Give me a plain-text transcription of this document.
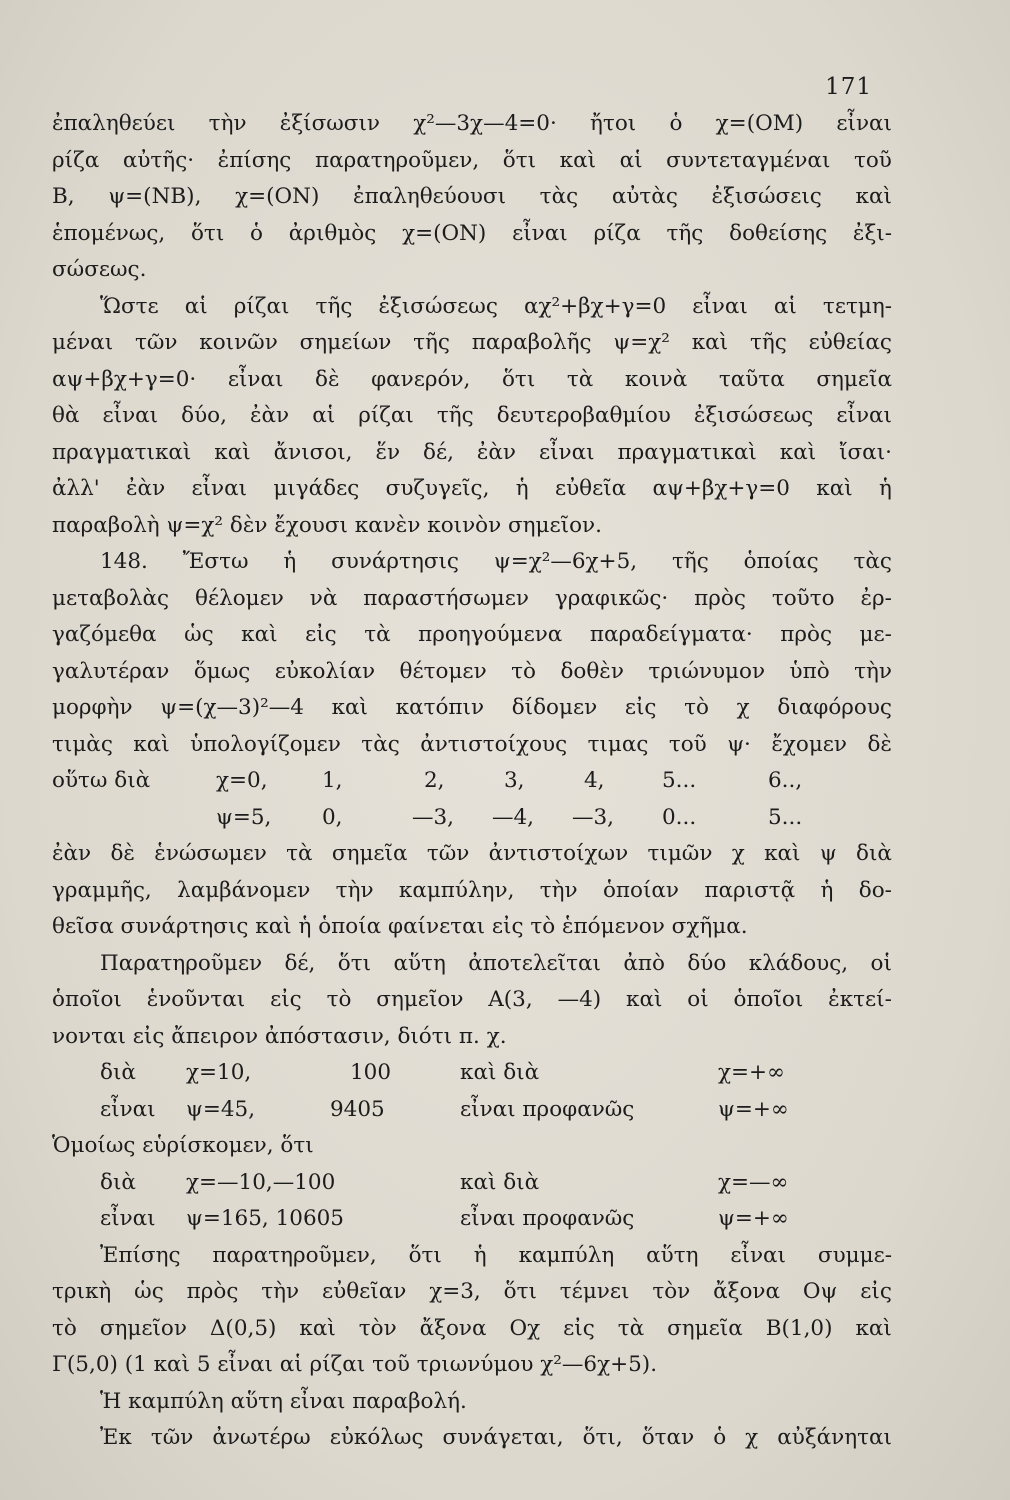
171
ἐπαληθεύει τὴν ἐξίσωσιν χ²—3χ—4=0· ἤτοι ὁ χ=(ΟΜ) εἶναι
ρίζα αὐτῆς· ἐπίσης παρατηροῦμεν, ὅτι καὶ αἱ συντεταγμέναι τοῦ
Β, ψ=(ΝΒ), χ=(ΟΝ) ἐπαληθεύουσι τὰς αὐτὰς ἐξισώσεις καὶ
ἑπομένως, ὅτι ὁ ἀριθμὸς χ=(ΟΝ) εἶναι ρίζα τῆς δοθείσης ἐξι-
σώσεως.
Ὥστε αἱ ρίζαι τῆς ἐξισώσεως αχ²+βχ+γ=0 εἶναι αἱ τετμη-
μέναι τῶν κοινῶν σημείων τῆς παραβολῆς ψ=χ² καὶ τῆς εὐθείας
αψ+βχ+γ=0· εἶναι δὲ φανερόν, ὅτι τὰ κοινὰ ταῦτα σημεῖα
θὰ εἶναι δύο, ἐὰν αἱ ρίζαι τῆς δευτεροβαθμίου ἐξισώσεως εἶναι
πραγματικαὶ καὶ ἄνισοι, ἕν δέ, ἐὰν εἶναι πραγματικαὶ καὶ ἴσαι·
ἀλλ' ἐὰν εἶναι μιγάδες συζυγεῖς, ἡ εὐθεῖα αψ+βχ+γ=0 καὶ ἡ
παραβολὴ ψ=χ² δὲν ἔχουσι κανὲν κοινὸν σημεῖον.
148. Ἔστω ἡ συνάρτησις ψ=χ²—6χ+5, τῆς ὁποίας τὰς
μεταβολὰς θέλομεν νὰ παραστήσωμεν γραφικῶς· πρὸς τοῦτο ἐρ-
γαζόμεθα ὡς καὶ εἰς τὰ προηγούμενα παραδείγματα· πρὸς με-
γαλυτέραν ὅμως εὐκολίαν θέτομεν τὸ δοθὲν τριώνυμον ὑπὸ τὴν
μορφὴν ψ=(χ—3)²—4 καὶ κατόπιν δίδομεν εἰς τὸ χ διαφόρους
τιμὰς καὶ ὑπολογίζομεν τὰς ἀντιστοίχους τιμας τοῦ ψ· ἔχομεν δὲ
οὕτω διὰ	χ=0,	1,	2,	3,	4,	5...	6..,
ψ=5, 0,	—3, —4, —3, 0...	5...
ἐὰν δὲ ἑνώσωμεν τὰ σημεῖα τῶν ἀντιστοίχων τιμῶν χ καὶ ψ διὰ
γραμμῆς, λαμβάνομεν τὴν καμπύλην, τὴν ὁποίαν παριστᾷ ἡ δο-
θεῖσα συνάρτησις καὶ ἡ ὁποία φαίνεται εἰς τὸ ἑπόμενον σχῆμα.
Παρατηροῦμεν δέ, ὅτι αὕτη ἀποτελεῖται ἀπὸ δύο κλάδους, οἱ
ὁποῖοι ἑνοῦνται εἰς τὸ σημεῖον Α(3, —4) καὶ οἱ ὁποῖοι ἐκτεί-
νονται εἰς ἄπειρον ἀπόστασιν, διότι π. χ.
διὰ χ=10,	100	καὶ διὰ	χ=+∞
εἶναι ψ=45,	9405	εἶναι προφανῶς	ψ=+∞
Ὁμοίως εὑρίσκομεν, ὅτι
διὰ χ=—10,—100	καὶ διὰ	χ=—∞
εἶναι ψ=165, 10605	εἶναι προφανῶς	ψ=+∞
Ἐπίσης παρατηροῦμεν, ὅτι ἡ καμπύλη αὕτη εἶναι συμμε-
τρικὴ ὡς πρὸς τὴν εὐθεῖαν χ=3, ὅτι τέμνει τὸν ἄξονα Οψ εἰς
τὸ σημεῖον Δ(0,5) καὶ τὸν ἄξονα Οχ εἰς τὰ σημεῖα Β(1,0) καὶ
Γ(5,0) (1 καὶ 5 εἶναι αἱ ρίζαι τοῦ τριωνύμου χ²—6χ+5).
Ἡ καμπύλη αὕτη εἶναι παραβολή.
Ἐκ τῶν ἀνωτέρω εὐκόλως συνάγεται, ὅτι, ὅταν ὁ χ αὐξάνηται
